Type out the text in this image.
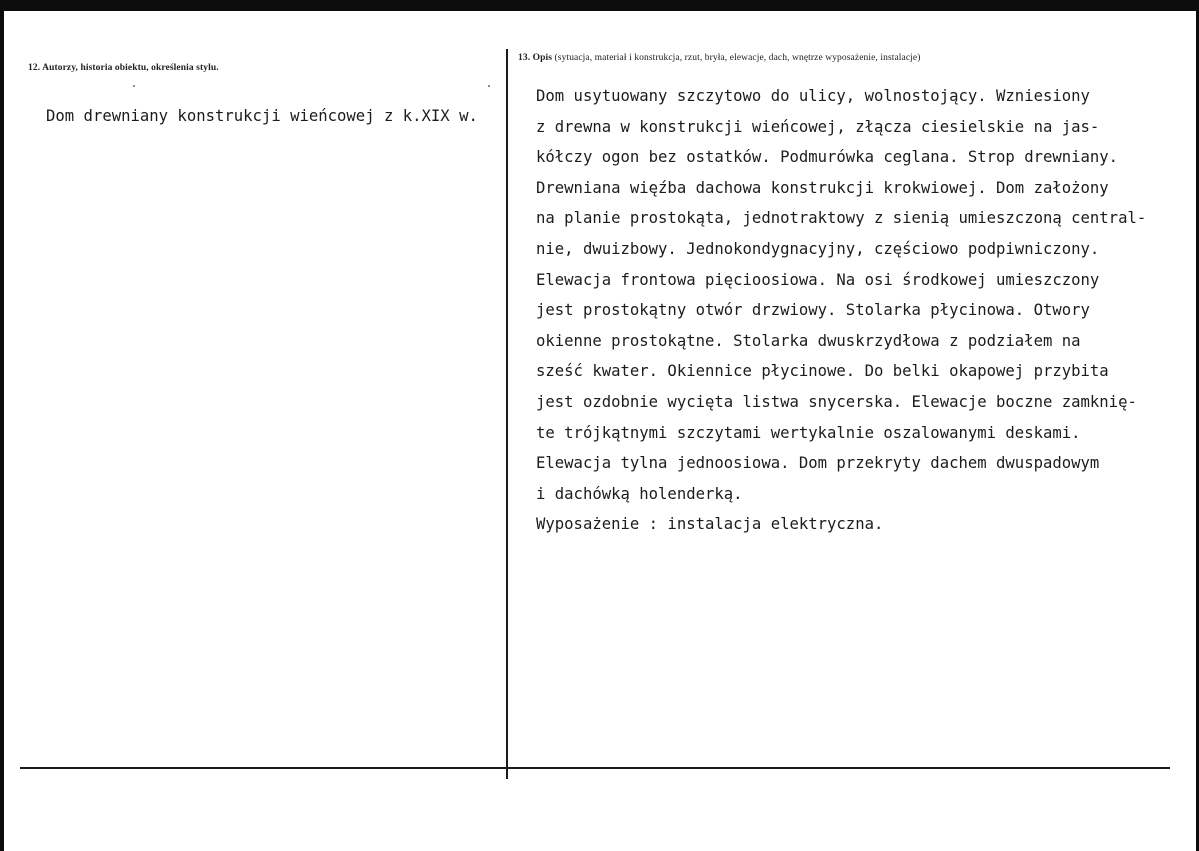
12. Autorzy, historia obiektu, określenia stylu.
Dom drewniany konstrukcji wieńcowej z k.XIX w.
13. Opis (sytuacja, materiał i konstrukcja, rzut, bryła, elewacje, dach, wnętrze wyposażenie, instalacje)
Dom usytuowany szczytowo do ulicy, wolnostojący. Wzniesiony
z drewna w konstrukcji wieńcowej, złącza ciesielskie na jas-
kółczy ogon bez ostatków. Podmurówka ceglana. Strop drewniany.
Drewniana więźba dachowa konstrukcji krokwiowej. Dom założony
na planie prostokąta, jednotraktowy z sienią umieszczoną central-
nie, dwuizbowy. Jednokondygnacyjny, częściowo podpiwniczony.
Elewacja frontowa pięcioosiowa. Na osi środkowej umieszczony
jest prostokątny otwór drzwiowy. Stolarka płycinowa. Otwory
okienne prostokątne. Stolarka dwuskrzydłowa z podziałem na
sześć kwater. Okiennice płycinowe. Do belki okapowej przybita
jest ozdobnie wycięta listwa snycerska. Elewacje boczne zamknię-
te trójkątnymi szczytami wertykalnie oszalowanymi deskami.
Elewacja tylna jednoosiowa. Dom przekryty dachem dwuspadowym
i dachówką holenderką.
Wyposażenie : instalacja elektryczna.
